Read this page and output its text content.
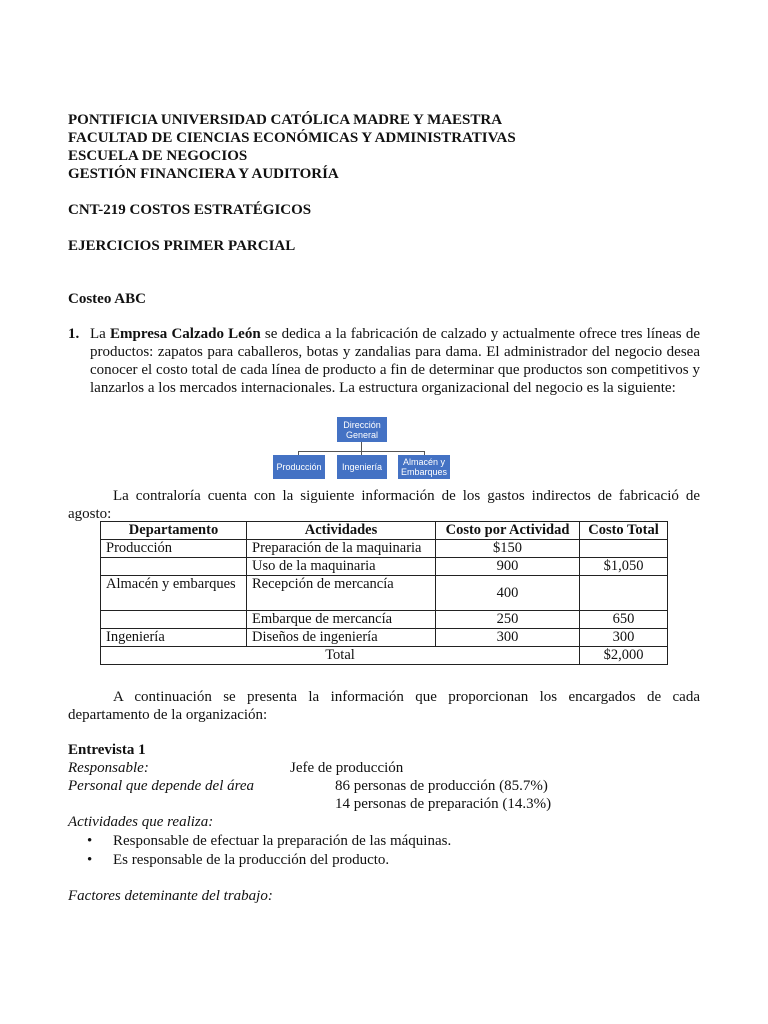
PONTIFICIA UNIVERSIDAD CATÓLICA MADRE Y MAESTRA

FACULTAD DE CIENCIAS ECONÓMICAS Y ADMINISTRATIVAS

ESCUELA DE NEGOCIOS

GESTIÓN FINANCIERA Y AUDITORÍA

CNT-219 COSTOS ESTRATÉGICOS

EJERCICIOS PRIMER PARCIAL

Costeo ABC

1. La Empresa Calzado León se dedica a la fabricación de calzado y actualmente ofrece tres líneas de productos: zapatos para caballeros, botas y zandalias para dama. El administrador del negocio desea conocer el costo total de cada línea de producto a fin de determinar que productos son competitivos y lanzarlos a los mercados internacionales. La estructura organizacional del negocio es la siguiente:
Dirección General
Producción	Ingeniería	Almacén y Embarques
La contraloría cuenta con la siguiente información de los gastos indirectos de fabricació de agosto:
Departamento	Actividades	Costo por Actividad	Costo Total
Producción	Preparación de la maquinaria	$150	
	Uso de la maquinaria	900	$1,050
Almacén y embarques	Recepción de mercancía	400	
	Embarque de mercancía	250	650
Ingeniería	Diseños de ingeniería	300	300
Total			$2,000
A continuación se presenta la información que proporcionan los encargados de cada departamento de la organización:
Entrevista 1
Responsable:	Jefe de producción
Personal que depende del área	86 personas de producción (85.7%)
14 personas de preparación (14.3%)
Actividades que realiza:
• Responsable de efectuar la preparación de las máquinas.
• Es responsable de la producción del producto.
Factores deteminante del trabajo:
